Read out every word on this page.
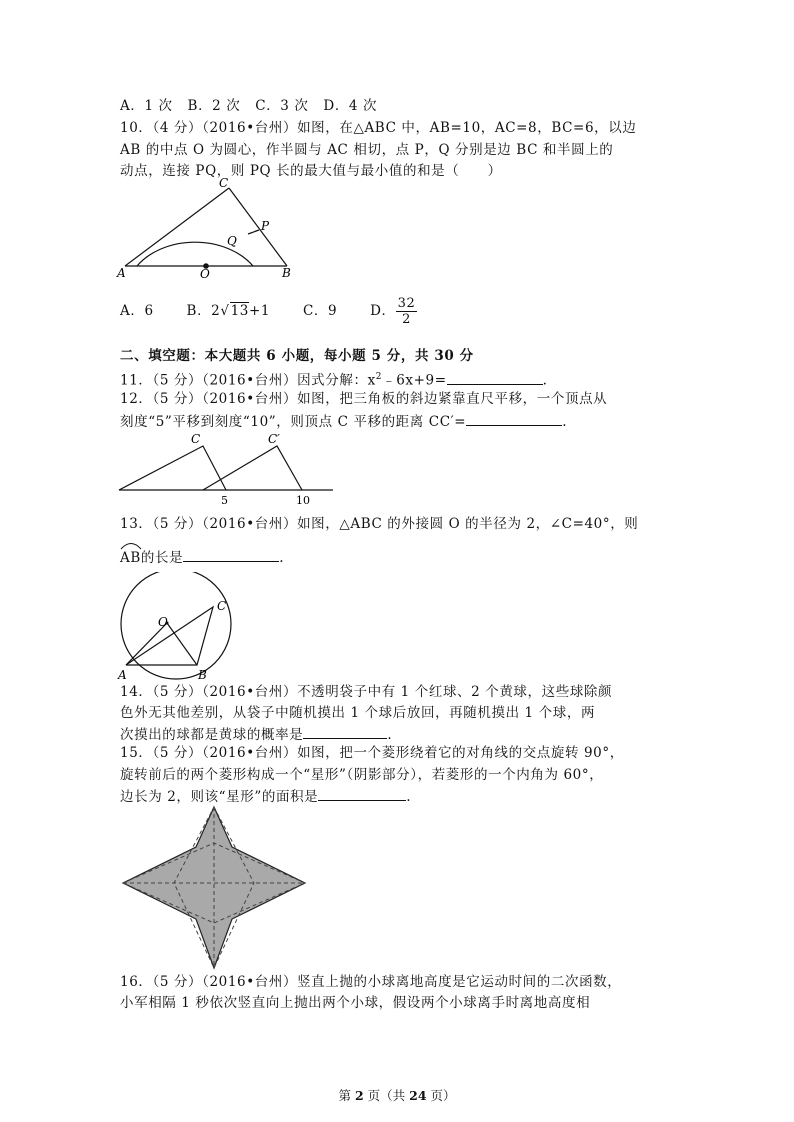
A．1 次 B．2 次 C．3 次 D．4 次
10．（4 分）（2016•台州）如图，在△ABC 中，AB=10，AC=8，BC=6，以边
AB 的中点 O 为圆心，作半圆与 AC 相切，点 P，Q 分别是边 BC 和半圆上的
动点，连接 PQ，则 PQ 长的最大值与最小值的和是（　　）
A	B
C
O
P
Q
A．6 B．2√13+1 C．9 D． $\frac{32}{2}$
二、填空题：本大题共 6 小题，每小题 5 分，共 30 分
11．（5 分）（2016•台州）因式分解：$x^2﹣6x+9=$	.
12．（5 分）（2016•台州）如图，把三角板的斜边紧靠直尺平移，一个顶点从
刻度“5”平移到刻度“10”，则顶点 C 平移的距离 CC′=	.
C	C′
5	10
13．（5 分）（2016•台州）如图，△ABC 的外接圆 O 的半径为 2，∠C=40°，则
AB的长是	.
O
A	B
C
14．（5 分）（2016•台州）不透明袋子中有 1 个红球、2 个黄球，这些球除颜
色外无其他差别，从袋子中随机摸出 1 个球后放回，再随机摸出 1 个球，两
次摸出的球都是黄球的概率是	.
15．（5 分）（2016•台州）如图，把一个菱形绕着它的对角线的交点旋转 90°，
旋转前后的两个菱形构成一个“星形”（阴影部分），若菱形的一个内角为 60°，
边长为 2，则该“星形”的面积是	.
16．（5 分）（2016•台州）竖直上抛的小球离地高度是它运动时间的二次函数，
小军相隔 1 秒依次竖直向上抛出两个小球，假设两个小球离手时离地高度相
第 2 页（共 24 页）
